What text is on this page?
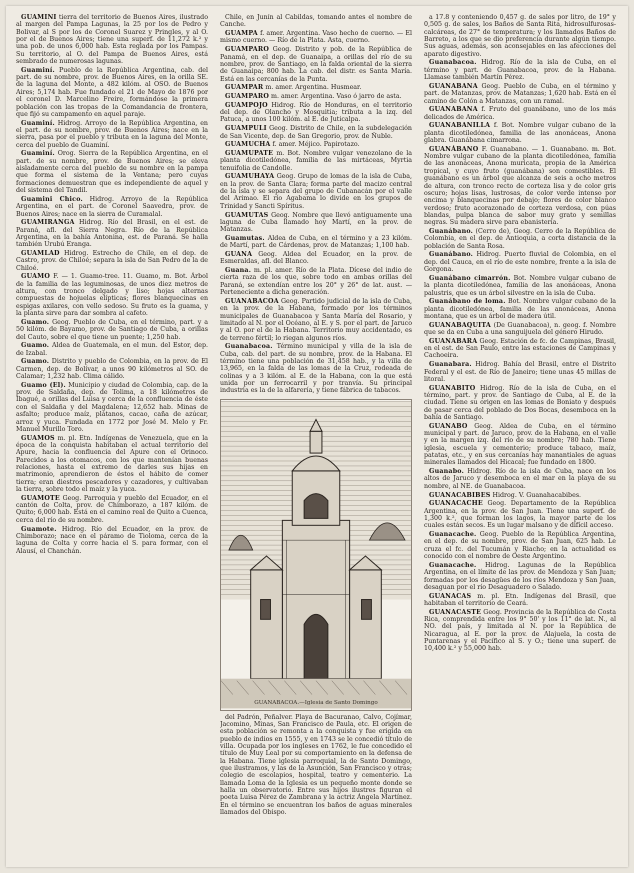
GUAMINÍ tierra del territorio de Buenos Aires, ilustrado al margen del Pampa Lagunas, la 25 por los de Pedro y Bolivar, al S por los de Coronel Suarez y Pringles, y al O. por el de Buenos Aires; tiene una superf. de 11,272 k.² y una pob. de unos 6,000 hab. Esta reglada por los Pampas. Su territorio, al O. del Pampa de Buenos Aires, está sembrado de numerosas lagunas.

Guaminí. Pueblo de la República Argentina, cab. del part. de su nombre, prov. de Buenos Aires, en la orilla SE. de la laguna del Monte, a 482 kilóm. al OSO. de Buenos Aires; 5,174 hab. Fue fundado el 21 de Mayo de 1876 por el coronel D. Marcelino Freire, formándose la primera población con las tropas de la Comandancia de frontera, que fijó su campamento en aquel paraje.

Guaminí. Hidrog. Arroyo de la República Argentina, en el part. de su nombre, prov. de Buenos Aires; nace en la sierra, pasa por el pueblo y tributa en la laguna del Monte, cerca del pueblo de Guaminí.

Guaminí. Orog. Sierra de la República Argentina, en el part. de su nombre, prov. de Buenos Aires; se eleva aisladamente cerca del pueblo de su nombre en la pampa que forma el sistema de la Ventana; pero cuyas formaciones demuestran que es independiente de aquel y del sistema del Tandil.

Guamini Chico. Hidrog. Arroyo de la República Argentina, en el part. de Coronel Saavedra, prov. de Buenos Aires; nace en la sierra de Curamalal.

GUAMIRANGA Hidrog. Río del Brasil, en el est. de Paraná, afl. del Sierra Negra. Río de la República Argentina, en la bahía Antonina, est. de Paraná. Se halla también Urubú Eranga.

GUAMLAD Hidrog. Estrecho de Chile, en el dep. de Castro, prov. de Chiloé; separa la isla de San Pedro de la de Chiloé.

GUAMO F. — 1. Guamo-tree. 11. Guamo, m. Bot. Árbol de la familia de las leguminosas, de unos diez metros de altura, con tronco delgado y liso; hojas alternas compuestas de hojuelas elípticas; flores blanquecinas en espigas axilares, con vello sedoso. Su fruto es la guama, y la planta sirve para dar sombra al cafeto.

Guamo. Geog. Pueblo de Cuba, en el término, part. y a 50 kilóm. de Bayamo, prov. de Santiago de Cuba, a orillas del Cauto, sobre el que tiene un puente; 1,250 hab.

Guamo. Aldea de Guatemala, en el mun. del Estor, dep. de Izabal.

Guamo. Distrito y pueblo de Colombia, en la prov. de El Carmen, dep. de Bolívar, a unos 90 kilómetros al SO. de Calamar; 1,232 hab. Clima cálido.

Guamo (El). Municipio y ciudad de Colombia, cap. de la prov. de Saldaña, dep. de Tolima, a 18 kilómetros de Ibagué, a orillas del Luisa y cerca de la confluencia de éste con el Saldaña y del Magdalena; 12,652 hab. Minas de asfalto; produce maíz, plátanos, cacao, caña de azúcar, arroz y yuca. Fundada en 1772 por José M. Melo y Fr. Manuel Murillo Toro.

GUAMOS m. pl. Etn. Indígenas de Venezuela, que en la época de la conquista habitaban el actual territorio del Apure, hacia la confluencia del Apure con el Orinoco. Parecidos a los otomacos, con los que mantenían buenas relaciones, hasta el extremo de darles sus hijas en matrimonio, aprendieron de éstos el hábito de comer tierra; eran diestros pescadores y cazadores, y cultivaban la tierra, sobre todo el maíz y la yuca.

GUAMOTE Geog. Parroquia y pueblo del Ecuador, en el cantón de Colta, prov. de Chimborazo, a 187 kilóm. de Quito; 6,000 hab. Está en el camino real de Quito a Cuenca, cerca del río de su nombre.

Guamote. Hidrog. Río del Ecuador, en la prov. de Chimborazo; nace en el páramo de Tioloma, cerca de la laguna de Colta y corre hacia el S. para formar, con el Alausí, el Chanchán.

Chile, en Junín al Cabildas, tomando antes el nombre de Canche.

GUAMPA f. amer. Argentina. Vaso hecho de cuerno. — El mismo cuerno. — Río de la Plata. Asta, cuerno.

GUAMPARO Geog. Distrito y pob. de la República de Panamá, en el dep. de Guanaipa, a orillas del río de su nombre, prov. de Santiago, en la falda oriental de la sierra de Guanaipa; 800 hab. La cab. del distr. es Santa María. Está en las cercanías de la Punta.

GUAMPAR m. amer. Argentina. Husmear.

GUAMPARO m. amer. Argentina. Vaso ó jarro de asta.

GUAMPOJO Hidrog. Río de Honduras, en el territorio del dep. de Olancho y Mosquitia; tributa a la izq. del Patuca, a unos 100 kilóm. al E. de Juticalpa.

GUAMPULI Geog. Distrito de Chile, en la subdelegación de San Vicente, dep. de San Gregorio, prov. de Ñuble.

GUAMUCHA f. amer. Méjico. Papirotazo.

GUAMUPATE m. Bot. Nombre vulgar venezolano de la planta dicotiledónea, familia de las mirtáceas, Myrtia tenuifolia de Candolle.

GUAMUHAYA Geog. Grupo de lomas de la isla de Cuba, en la prov. de Santa Clara; forma parte del macizo central de la isla y se separa del grupo de Cubanacán por el valle del Arimao. El río Agabama lo divide en los grupos de Trinidad y Sancti Spíritus.

GUAMUTAS Geog. Nombre que llevó antiguamente una laguna de Cuba llamado hoy Martí, en la prov. de Matanzas.

Guamutas. Aldea de Cuba, en el término y a 23 kilóm. de Martí, part. de Cárdenas, prov. de Matanzas; 1,100 hab.

GUANA Geog. Aldea del Ecuador, en la prov. de Esmeraldas, afl. del Blanco.

Guana. m. pl. amer. Río de la Plata. Dícese del indio de cierta raza de los que, sobre todo en ambas orillas del Paraná, se extendían entre los 20° y 26° de lat. aust. — Perteneciente a dicha generación.

GUANABACOA Geog. Partido judicial de la isla de Cuba, en la prov. de la Habana, formado por los términos municipales de Guanabacoa y Santa María del Rosario, y limitado al N. por el Océano, al E. y S. por el part. de Jaruco y al O. por el de la Habana. Territorio muy accidentado, es de terreno fértil; lo riegan algunos ríos.

Guanabacoa. Término municipal y villa de la isla de Cuba, cab. del part. de su nombre, prov. de la Habana. El término tiene una población de 31,458 hab., y la villa de 13,965, en la falda de las lomas de la Cruz, rodeada de colinas y a 3 kilóm. al E. de la Habana, con la que está unida por un ferrocarril y por tranvía. Su principal industria es la de la alfarería, y tiene fábrica de tabacos.

GUANABACOA.—Iglesia de Santo Domingo

del Padrón, Peñalver. Playa de Bacuranao, Calvo, Cojímar, Jacomino, Minas, San Francisco de Paula, etc. El origen de esta población se remonta a la conquista y fue erigida en pueblo de indios en 1555, y en 1743 se le concedió título de villa. Ocupada por los ingleses en 1762, le fue concedido el título de Muy Leal por su comportamiento en la defensa de la Habana. Tiene iglesia parroquial, la de Santo Domingo, que ilustramos, y las de la Asunción, San Francisco y otras; colegio de escolapios, hospital, teatro y cementerio. La llamada Loma de la Iglesia es un pequeño monte donde se halla un observatorio. Entre sus hijos ilustres figuran el poeta Luisa Pérez de Zambrana y la actriz Ángela Martínez. En el término se encuentran los baños de aguas minerales llamados del Obispo.

a 17.8 y conteniendo 0,457 g. de sales por litro, de 19° y 0,505 g. de sales, los Baños de Santa Rita, hidrosulfurosas-calcáreas, de 27° de temperatura; y los llamados Baños de Barreto, a los que se dio preferencia durante algún tiempo. Sus aguas, además, son aconsejables en las afecciones del aparato digestivo.

Guanabacoa. Hidrog. Río de la isla de Cuba, en el término y part. de Guanabacoa, prov. de la Habana. Llamase también Martín Pérez.

GUANABANA Geog. Pueblo de Cuba, en el término y part. de Matanzas, prov. de Matanzas; 1,620 hab. Está en el camino de Colón a Matanzas, con un ramal.

GUANABANA f. Fruto del guanábano, uno de los más delicados de América.

GUANABANILLA f. Bot. Nombre vulgar cubano de la planta dicotiledónea, familia de las anonáceas, Anona glabra. Guanábana cimarrona.

GUANÁBANO F. Guanabano. — 1. Guanabano. m. Bot. Nombre vulgar cubano de la planta dicotiledónea, familia de las anonáceas, Anona muricata, propia de la América tropical, y cuyo fruto (guanábana) son comestibles. El guanábano es un árbol que alcanza de seis a ocho metros de altura, con tronco recto de corteza lisa y de color gris oscuro; hojas lisas, lustrosas, de color verde intenso por encima y blanquecinas por debajo; flores de color blanco verdoso; fruto acorazonado de corteza verdosa, con púas blandas, pulpa blanca de sabor muy grato y semillas negras. Su madera sirve para ebanistería.

Guanábano. (Cerro de), Geog. Cerro de la República de Colombia, en el dep. de Antioquia, a corta distancia de la población de Santa Rosa.

Guanábano. Hidrog. Puerto fluvial de Colombia, en el dep. del Cauca, en el río de este nombre, frente a la isla de Gorgona.

Guanábano cimarrón. Bot. Nombre vulgar cubano de la planta dicotiledónea, familia de las anonáceas, Anona palustris, que es un árbol silvestre en la isla de Cuba.

Guanábano de loma. Bot. Nombre vulgar cubano de la planta dicotiledónea, familia de las anonáceas, Anona montana, que es un árbol de madera útil.

GUANABAQUITA (De Guanabacoa), n. geog. f. Nombre que se da en Cuba a una sanguijuela del género Hirudo.

GUANABARA Geog. Estación de fc. de Campinas, Brasil, en el est. de San Paulo, entre las estaciones de Campinas y Cachoeira.

Guanabara. Hidrog. Bahía del Brasil, entre el Distrito Federal y el est. de Río de Janeiro; tiene unas 45 millas de litoral.

GUANABITO Hidrog. Río de la isla de Cuba, en el término, part. y prov. de Santiago de Cuba, al E. de la ciudad. Tiene su origen en las lomas de Boniato y después de pasar cerca del poblado de Dos Bocas, desemboca en la bahía de Santiago.

GUANABO Geog. Aldea de Cuba, en el término municipal y part. de Jaruco, prov. de la Habana, en el valle y en la margen izq. del río de su nombre; 780 hab. Tiene iglesia, escuela y cementerio; produce tabaco, maíz, patatas, etc., y en sus cercanías hay manantiales de aguas minerales llamados del Hicacal; fue fundado en 1800.

Guanabo. Hidrog. Río de la isla de Cuba, nace en los altos de Jaruco y desemboca en el mar en la playa de su nombre, al NE. de Guanabacoa.

GUANACABIBES Hidrog. V. Guanahacabibes.

GUANACACHE Geog. Departamento de la República Argentina, en la prov. de San Juan. Tiene una superf. de 1,300 k.², que forman los lagos, la mayor parte de los cuales están secos. Es un lugar malsano y de difícil acceso.

Guanacache. Geog. Pueblo de la República Argentina, en el dep. de su nombre, prov. de San Juan, 625 hab. Le cruza el fc. del Tucumán y Riacho; en la actualidad es conocido con el nombre de Oeste Argentino.

Guanacache. Hidrog. Lagunas de la República Argentina, en el límite de las prov. de Mendoza y San Juan; formadas por los desagües de los ríos Mendoza y San Juan, desaguan por el río Desaguadero o Salado.

GUANACAS m. pl. Etn. Indígenas del Brasil, que habitaban el territorio de Ceará.

GUANACASTE Geog. Provincia de la República de Costa Rica, comprendida entre los 9° 50' y los 11° de lat. N., al NO. del país, y limitada al N. por la República de Nicaragua, al E. por la prov. de Alajuela, la costa de Puntarenas y el Pacífico al S. y O.; tiene una superf. de 10,400 k.² y 55,000 hab.
